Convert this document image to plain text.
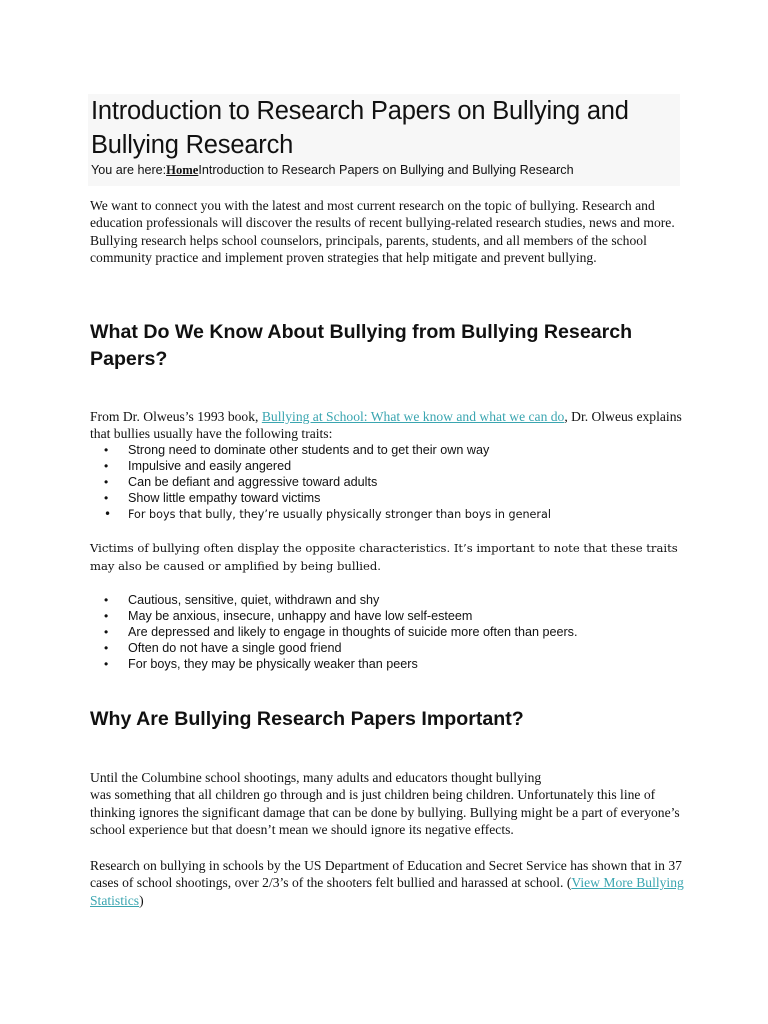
Introduction to Research Papers on Bullying and Bullying Research
You are here:HomeIntroduction to Research Papers on Bullying and Bullying Research

We want to connect you with the latest and most current research on the topic of bullying. Research and education professionals will discover the results of recent bullying-related research studies, news and more. Bullying research helps school counselors, principals, parents, students, and all members of the school community practice and implement proven strategies that help mitigate and prevent bullying.

What Do We Know About Bullying from Bullying Research Papers?

From Dr. Olweus’s 1993 book, Bullying at School: What we know and what we can do, Dr. Olweus explains that bullies usually have the following traits:

• Strong need to dominate other students and to get their own way
• Impulsive and easily angered
• Can be defiant and aggressive toward adults
• Show little empathy toward victims
• For boys that bully, they’re usually physically stronger than boys in general

Victims of bullying often display the opposite characteristics. It’s important to note that these traits may also be caused or amplified by being bullied.

• Cautious, sensitive, quiet, withdrawn and shy
• May be anxious, insecure, unhappy and have low self-esteem
• Are depressed and likely to engage in thoughts of suicide more often than peers.
• Often do not have a single good friend
• For boys, they may be physically weaker than peers
Why Are Bullying Research Papers Important?

Until the Columbine school shootings, many adults and educators thought bullying
was something that all children go through and is just children being children. Unfortunately this line of thinking ignores the significant damage that can be done by bullying. Bullying might be a part of everyone’s school experience but that doesn’t mean we should ignore its negative effects.

Research on bullying in schools by the US Department of Education and Secret Service has shown that in 37 cases of school shootings, over 2/3’s of the shooters felt bullied and harassed at school. (View More Bullying Statistics)
